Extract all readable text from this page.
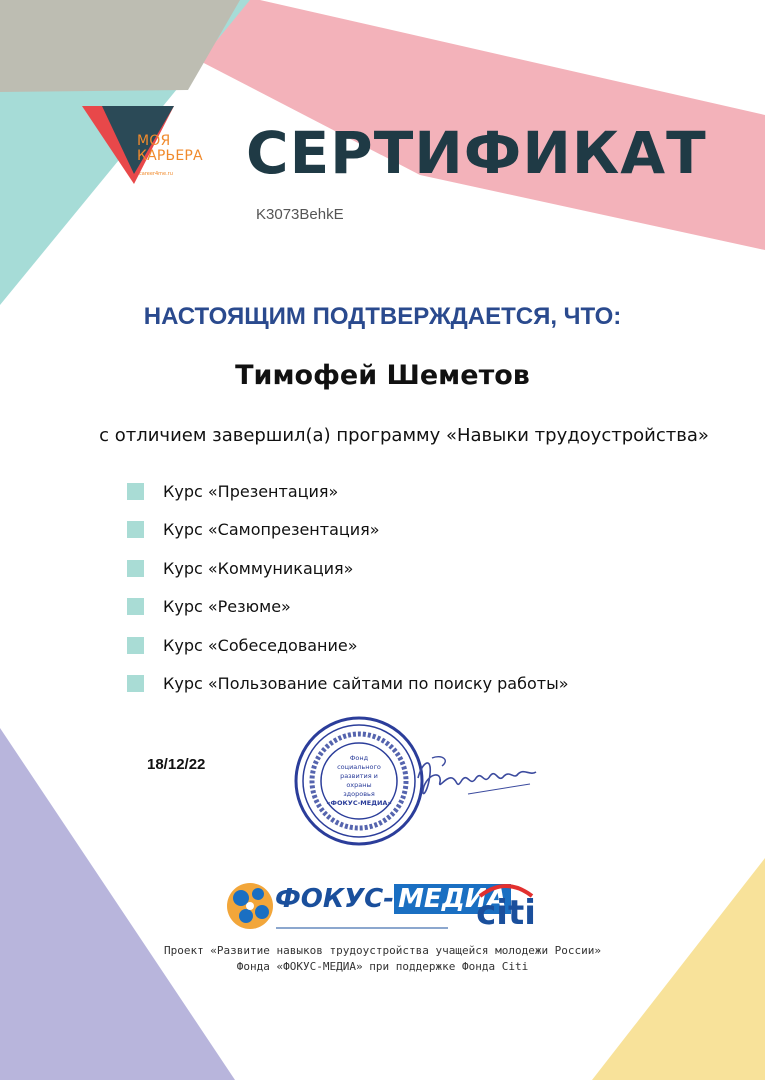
МОЯ
КАРЬЕРА
career4me.ru СЕРТИФИКАТ
K3073BehkE
НАСТОЯЩИМ ПОДТВЕРЖДАЕТСЯ, ЧТО:
Тимофей Шеметов
с отличием завершил(а) программу «Навыки трудоустройства»
Курс «Презентация»
Курс «Самопрезентация»
Курс «Коммуникация»
Курс «Резюме»
Курс «Собеседование»
Курс «Пользование сайтами по поиску работы»
18/12/22	Фонд
социального
развития и
охраны
здоровья
«ФОКУС-МЕДИА»
ФОКУС- МЕДИА
citi
Проект «Развитие навыков трудоустройства учащейся молодежи России»
Фонда «ФОКУС-МЕДИА» при поддержке Фонда Citi
